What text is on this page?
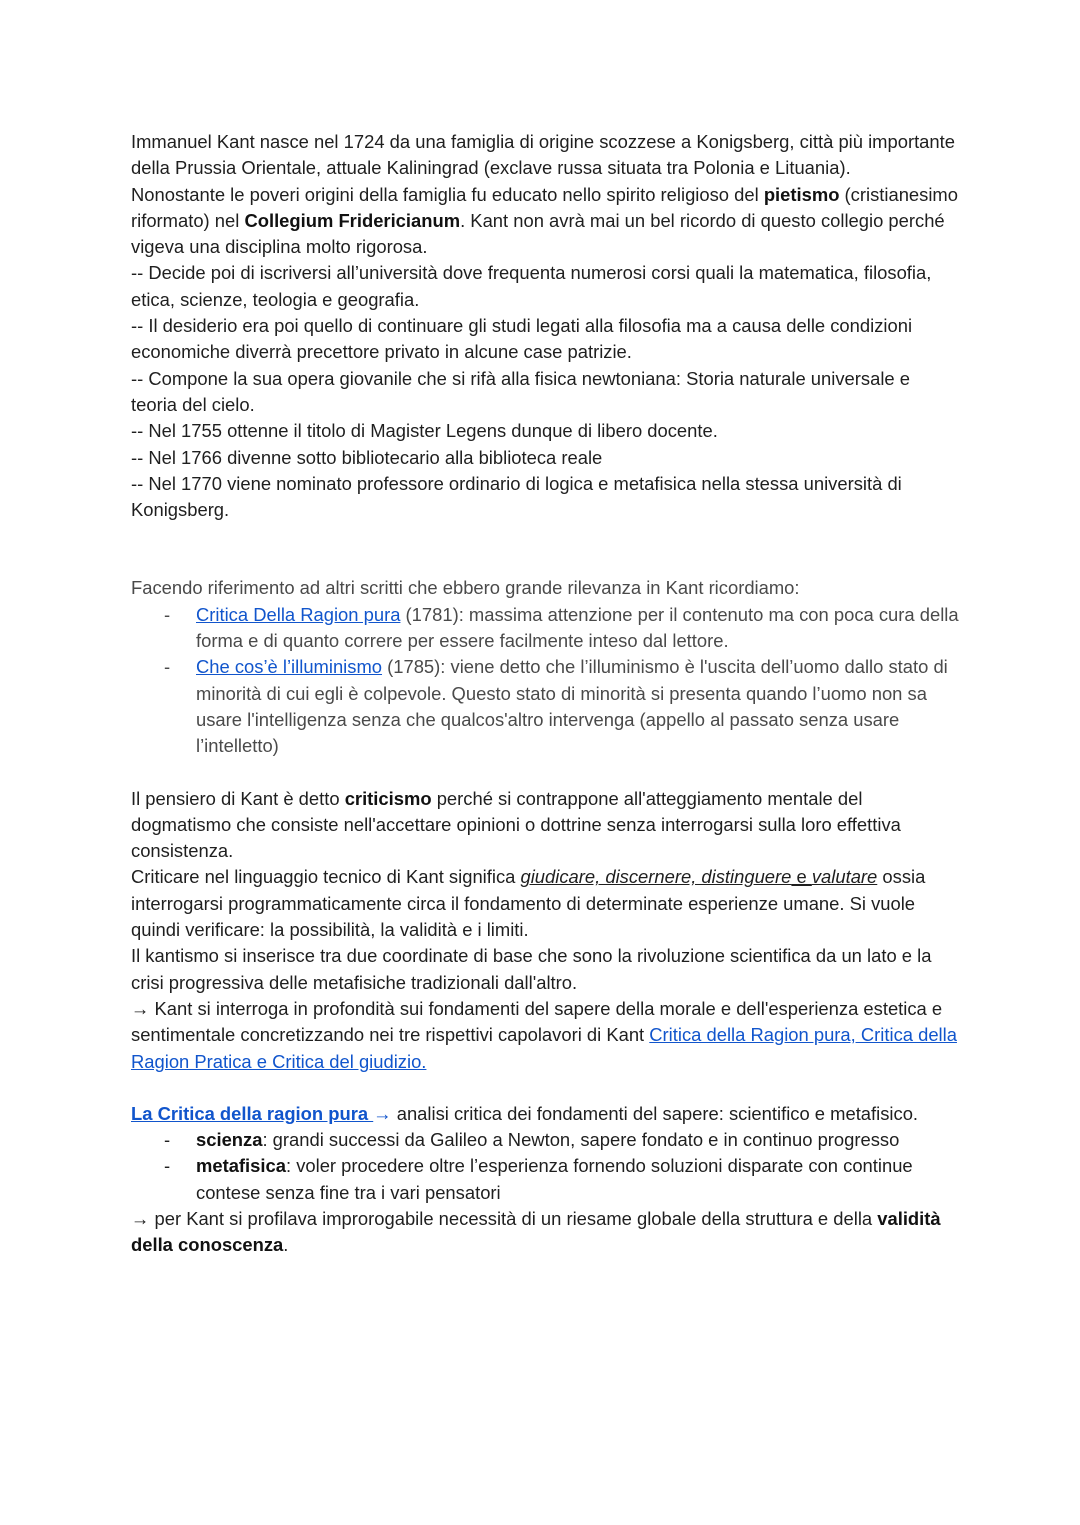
Immanuel Kant nasce nel 1724 da una famiglia di origine scozzese a Konigsberg, città più importante della Prussia Orientale, attuale Kaliningrad (exclave russa situata tra Polonia e Lituania).

Nonostante le poveri origini della famiglia fu educato nello spirito religioso del pietismo (cristianesimo riformato) nel Collegium Fridericianum. Kant non avrà mai un bel ricordo di questo collegio perché vigeva una disciplina molto rigorosa.

-- Decide poi di iscriversi all’università dove frequenta numerosi corsi quali la matematica, filosofia, etica, scienze, teologia e geografia.

-- Il desiderio era poi quello di continuare gli studi legati alla filosofia ma a causa delle condizioni economiche diverrà precettore privato in alcune case patrizie.

-- Compone la sua opera giovanile che si rifà alla fisica newtoniana: Storia naturale universale e teoria del cielo.

-- Nel 1755 ottenne il titolo di Magister Legens dunque di libero docente.

-- Nel 1766 divenne sotto bibliotecario alla biblioteca reale

-- Nel 1770 viene nominato professore ordinario di logica e metafisica nella stessa università di Konigsberg.

Facendo riferimento ad altri scritti che ebbero grande rilevanza in Kant ricordiamo:

- Critica Della Ragion pura (1781): massima attenzione per il contenuto ma con poca cura della forma e di quanto correre per essere facilmente inteso dal lettore.
- Che cos’è l’illuminismo (1785): viene detto che l’illuminismo è l'uscita dell’uomo dallo stato di minorità di cui egli è colpevole. Questo stato di minorità si presenta quando l’uomo non sa usare l'intelligenza senza che qualcos'altro intervenga (appello al passato senza usare l’intelletto)

Il pensiero di Kant è detto criticismo perché si contrappone all'atteggiamento mentale del dogmatismo che consiste nell'accettare opinioni o dottrine senza interrogarsi sulla loro effettiva consistenza.

Criticare nel linguaggio tecnico di Kant significa giudicare, discernere, distinguere e valutare ossia interrogarsi programmaticamente circa il fondamento di determinate esperienze umane. Si vuole quindi verificare: la possibilità, la validità e i limiti.

Il kantismo si inserisce tra due coordinate di base che sono la rivoluzione scientifica da un lato e la crisi progressiva delle metafisiche tradizionali dall'altro.

→ Kant si interroga in profondità sui fondamenti del sapere della morale e dell'esperienza estetica e sentimentale concretizzando nei tre rispettivi capolavori di Kant Critica della Ragion pura, Critica della Ragion Pratica e Critica del giudizio.

La Critica della ragion pura → analisi critica dei fondamenti del sapere: scientifico e metafisico.

- scienza: grandi successi da Galileo a Newton, sapere fondato e in continuo progresso
- metafisica: voler procedere oltre l’esperienza fornendo soluzioni disparate con continue contese senza fine tra i vari pensatori

→ per Kant si profilava improrogabile necessità di un riesame globale della struttura e della validità della conoscenza.
